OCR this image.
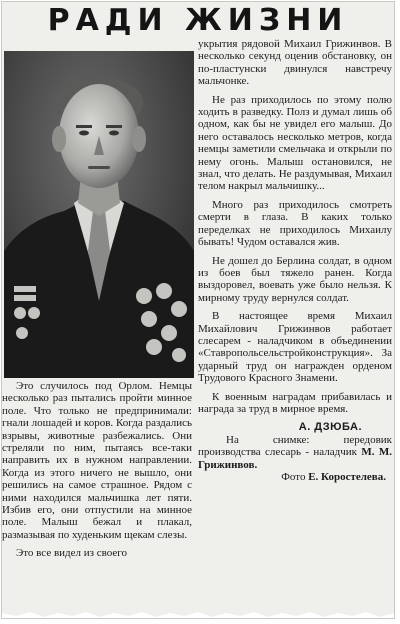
РАДИ ЖИЗНИ

Это случилось под Орлом. Немцы несколько раз пытались пройти минное поле. Что только не предпринимали: гнали лошадей и коров. Когда раздались взрывы, животные разбежались. Они стреляли по ним, пытаясь все-таки направить их в нужном направлении. Когда из этого ничего не вышло, они решились на самое страшное. Рядом с ними находился мальчишка лет пяти. Избив его, они отпустили на минное поле. Малыш бежал и плакал, размазывая по худеньким щекам слезы.

Это все видел из своего

укрытия рядовой Михаил Грижинвов. В несколько секунд оценив обстановку, он по-пластунски двинулся навстречу мальчонке.

Не раз приходилось по этому полю ходить в разведку. Полз и думал лишь об одном, как бы не увидел его малыш. До него оставалось несколько метров, когда немцы заметили смельчака и открыли по нему огонь. Малыш остановился, не знал, что делать. Не раздумывая, Михаил телом накрыл мальчишку...

Много раз приходилось смотреть смерти в глаза. В каких только переделках не приходилось Михаилу бывать! Чудом оставался жив.

Не дошел до Берлина солдат, в одном из боев был тяжело ранен. Когда выздоровел, воевать уже было нельзя. К мирному труду вернулся солдат.

В настоящее время Михаил Михайлович Грижинвов работает слесарем - наладчиком в объединении «Ставропольсельстройконструкция». За ударный труд он награжден орденом Трудового Красного Знамени.

К военным наградам прибавилась и награда за труд в мирное время.

А. ДЗЮБА.

На снимке:	передовик производства слесарь - наладчик М. М. Грижинвов.

Фото Е. Коростелева.
